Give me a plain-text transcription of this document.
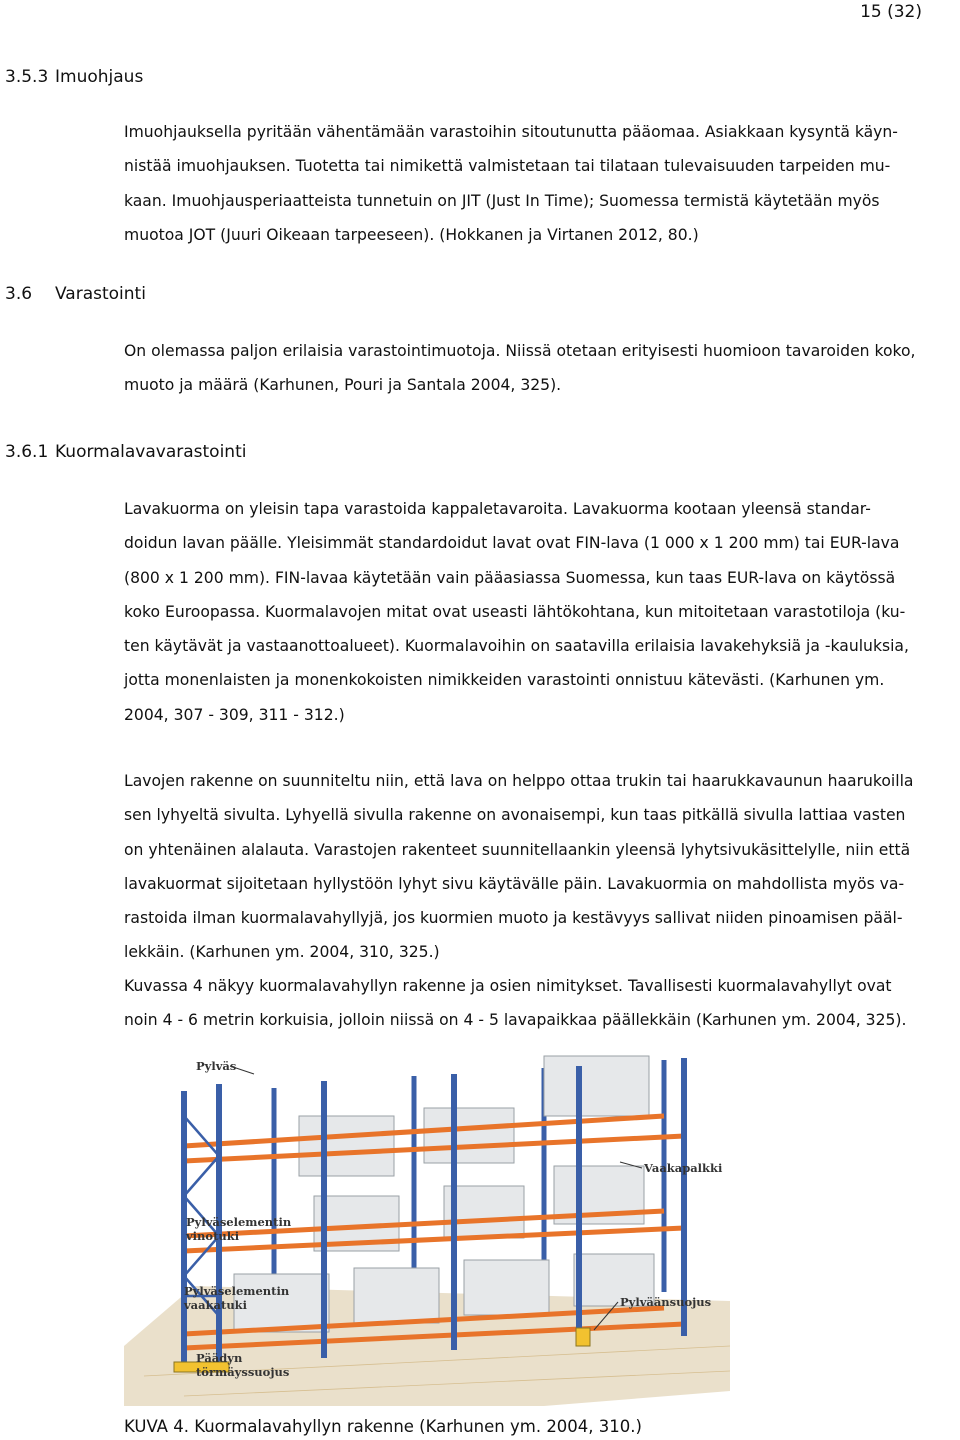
15 (32)
3.5.3 Imuohjaus
Imuohjauksella pyritään vähentämään varastoihin sitoutunutta pääomaa. Asiakkaan kysyntä käyn-
nistää imuohjauksen. Tuotetta tai nimikettä valmistetaan tai tilataan tulevaisuuden tarpeiden mu-
kaan. Imuohjausperiaatteista tunnetuin on JIT (Just In Time); Suomessa termistä käytetään myös
muotoa JOT (Juuri Oikeaan tarpeeseen). (Hokkanen ja Virtanen 2012, 80.)
3.6 Varastointi
On olemassa paljon erilaisia varastointimuotoja. Niissä otetaan erityisesti huomioon tavaroiden koko,
muoto ja määrä (Karhunen, Pouri ja Santala 2004, 325).
3.6.1 Kuormalavavarastointi
Lavakuorma on yleisin tapa varastoida kappaletavaroita. Lavakuorma kootaan yleensä standar-
doidun lavan päälle. Yleisimmät standardoidut lavat ovat FIN-lava (1 000 x 1 200 mm) tai EUR-lava
(800 x 1 200 mm). FIN-lavaa käytetään vain pääasiassa Suomessa, kun taas EUR-lava on käytössä
koko Euroopassa. Kuormalavojen mitat ovat useasti lähtökohtana, kun mitoitetaan varastotiloja (ku-
ten käytävät ja vastaanottoalueet). Kuormalavoihin on saatavilla erilaisia lavakehyksiä ja -kauluksia,
jotta monenlaisten ja monenkokoisten nimikkeiden varastointi onnistuu kätevästi. (Karhunen ym.
2004, 307 - 309, 311 - 312.)
Lavojen rakenne on suunniteltu niin, että lava on helppo ottaa trukin tai haarukkavaunun haarukoilla
sen lyhyeltä sivulta. Lyhyellä sivulla rakenne on avonaisempi, kun taas pitkällä sivulla lattiaa vasten
on yhtenäinen alalauta. Varastojen rakenteet suunnitellaankin yleensä lyhytsivukäsittelylle, niin että
lavakuormat sijoitetaan hyllystöön lyhyt sivu käytävälle päin. Lavakuormia on mahdollista myös va-
rastoida ilman kuormalavahyllyjä, jos kuormien muoto ja kestävyys sallivat niiden pinoamisen pääl-
lekkäin. (Karhunen ym. 2004, 310, 325.)
Kuvassa 4 näkyy kuormalavahyllyn rakenne ja osien nimitykset. Tavallisesti kuormalavahyllyt ovat
noin 4 - 6 metrin korkuisia, jolloin niissä on 4 - 5 lavapaikkaa päällekkäin (Karhunen ym. 2004, 325).
Pylväs
Vaakapalkki
Pylväselementin
vinotuki
Pylväselementin
vaakatuki	Pylväänsuojus
Päädyn
törmäyssuojus
KUVA 4. Kuormalavahyllyn rakenne (Karhunen ym. 2004, 310.)
